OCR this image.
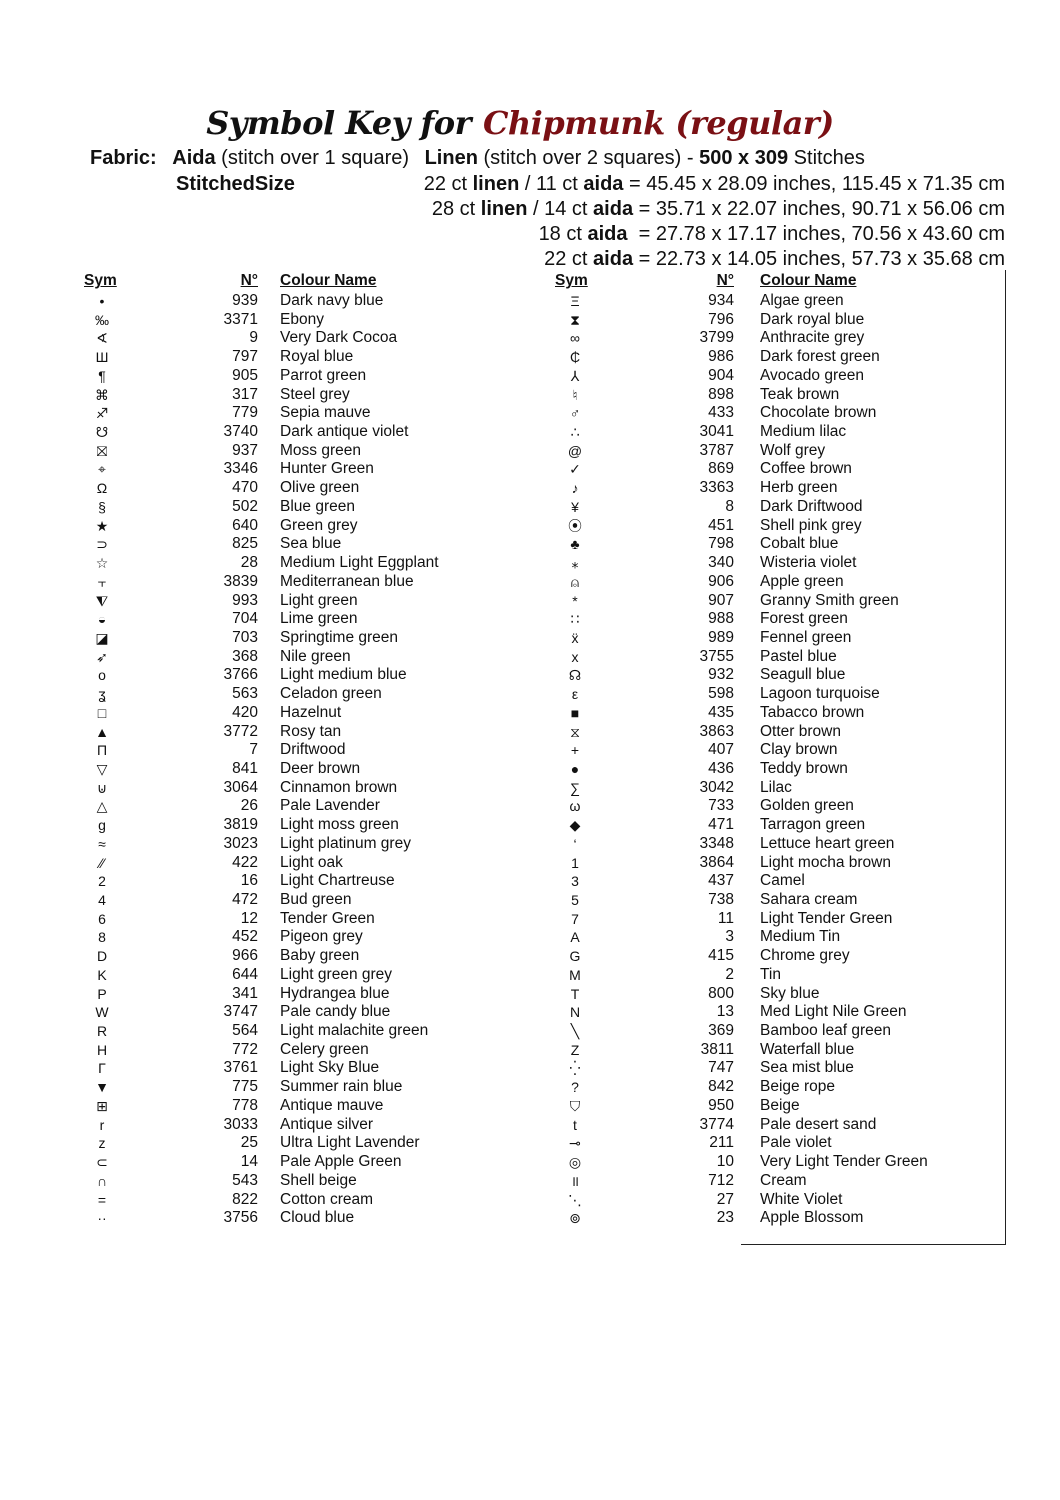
Symbol Key for Chipmunk (regular)
Fabric: Aida (stitch over 1 square) Linen (stitch over 2 squares) - 500 x 309 Stitches
StitchedSize	22 ct linen / 11 ct aida = 45.45 x 28.09 inches, 115.45 x 71.35 cm
28 ct linen / 14 ct aida = 35.71 x 22.07 inches, 90.71 x 56.06 cm
18 ct aida  = 27.78 x 17.17 inches, 70.56 x 43.60 cm
22 ct aida = 22.73 x 14.05 inches, 57.73 x 35.68 cm
Sym	N° Colour Name
•	939 Dark navy blue
‰	3371 Ebony
∢	9 Very Dark Cocoa
Ш	797 Royal blue
¶	905 Parrot green
⌘	317 Steel grey
♐	779 Sepia mauve
☋	3740 Dark antique violet
⛝	937 Moss green
⌖	3346 Hunter Green
Ω	470 Olive green
§	502 Blue green
★	640 Green grey
⊃	825 Sea blue
☆	28 Medium Light Eggplant
⫟	3839 Mediterranean blue
⧨	993 Light green
◒	704 Lime green
◪	703 Springtime green
➶	368 Nile green
o	3766 Light medium blue
ʓ	563 Celadon green
□	420 Hazelnut
▲	3772 Rosy tan
Π	7 Driftwood
▽	841 Deer brown
⊍	3064 Cinnamon brown
△	26 Pale Lavender
g	3819 Light moss green
≈	3023 Light platinum grey
⁄⁄	422 Light oak
2	16 Light Chartreuse
4	472 Bud green
6	12 Tender Green
8	452 Pigeon grey
D	966 Baby green
K	644 Light green grey
P	341 Hydrangea blue
W	3747 Pale candy blue
R	564 Light malachite green
H	772 Celery green
Γ	3761 Light Sky Blue
▼	775 Summer rain blue
⊞	778 Antique mauve
r	3033 Antique silver
z	25 Ultra Light Lavender
⊂	14 Pale Apple Green
∩	543 Shell beige
=	822 Cotton cream
··	3756 Cloud blue
Sym	N° Colour Name
Ξ	934 Algae green
⧗	796 Dark royal blue
∞	3799 Anthracite grey
₵	986 Dark forest green
⅄	904 Avocado green
♮	898 Teak brown
♂	433 Chocolate brown
∴	3041 Medium lilac
@	3787 Wolf grey
✓	869 Coffee brown
♪	3363 Herb green
¥	8 Dark Driftwood
⦿	451 Shell pink grey
♣	798 Cobalt blue
⁎	340 Wisteria violet
⍝	906 Apple green
*	907 Granny Smith green
∷	988 Forest green
ẍ	989 Fennel green
x	3755 Pastel blue
☊	932 Seagull blue
ε	598 Lagoon turquoise
■	435 Tabacco brown
⧖	3863 Otter brown
+	407 Clay brown
●	436 Teddy brown
∑	3042 Lilac
ω	733 Golden green
◆	471 Tarragon green
‘	3348 Lettuce heart green
1	3864 Light mocha brown
3	437 Camel
5	738 Sahara cream
7	11 Light Tender Green
A	3 Medium Tin
G	415 Chrome grey
M	2 Tin
T	800 Sky blue
N	13 Med Light Nile Green
╲	369 Bamboo leaf green
Z	3811 Waterfall blue
⁛	747 Sea mist blue
?	842 Beige rope
⛉	950 Beige
t	3774 Pale desert sand
⊸	211 Pale violet
◎	10 Very Light Tender Green
॥	712 Cream
⋱	27 White Violet
⊚	23 Apple Blossom
